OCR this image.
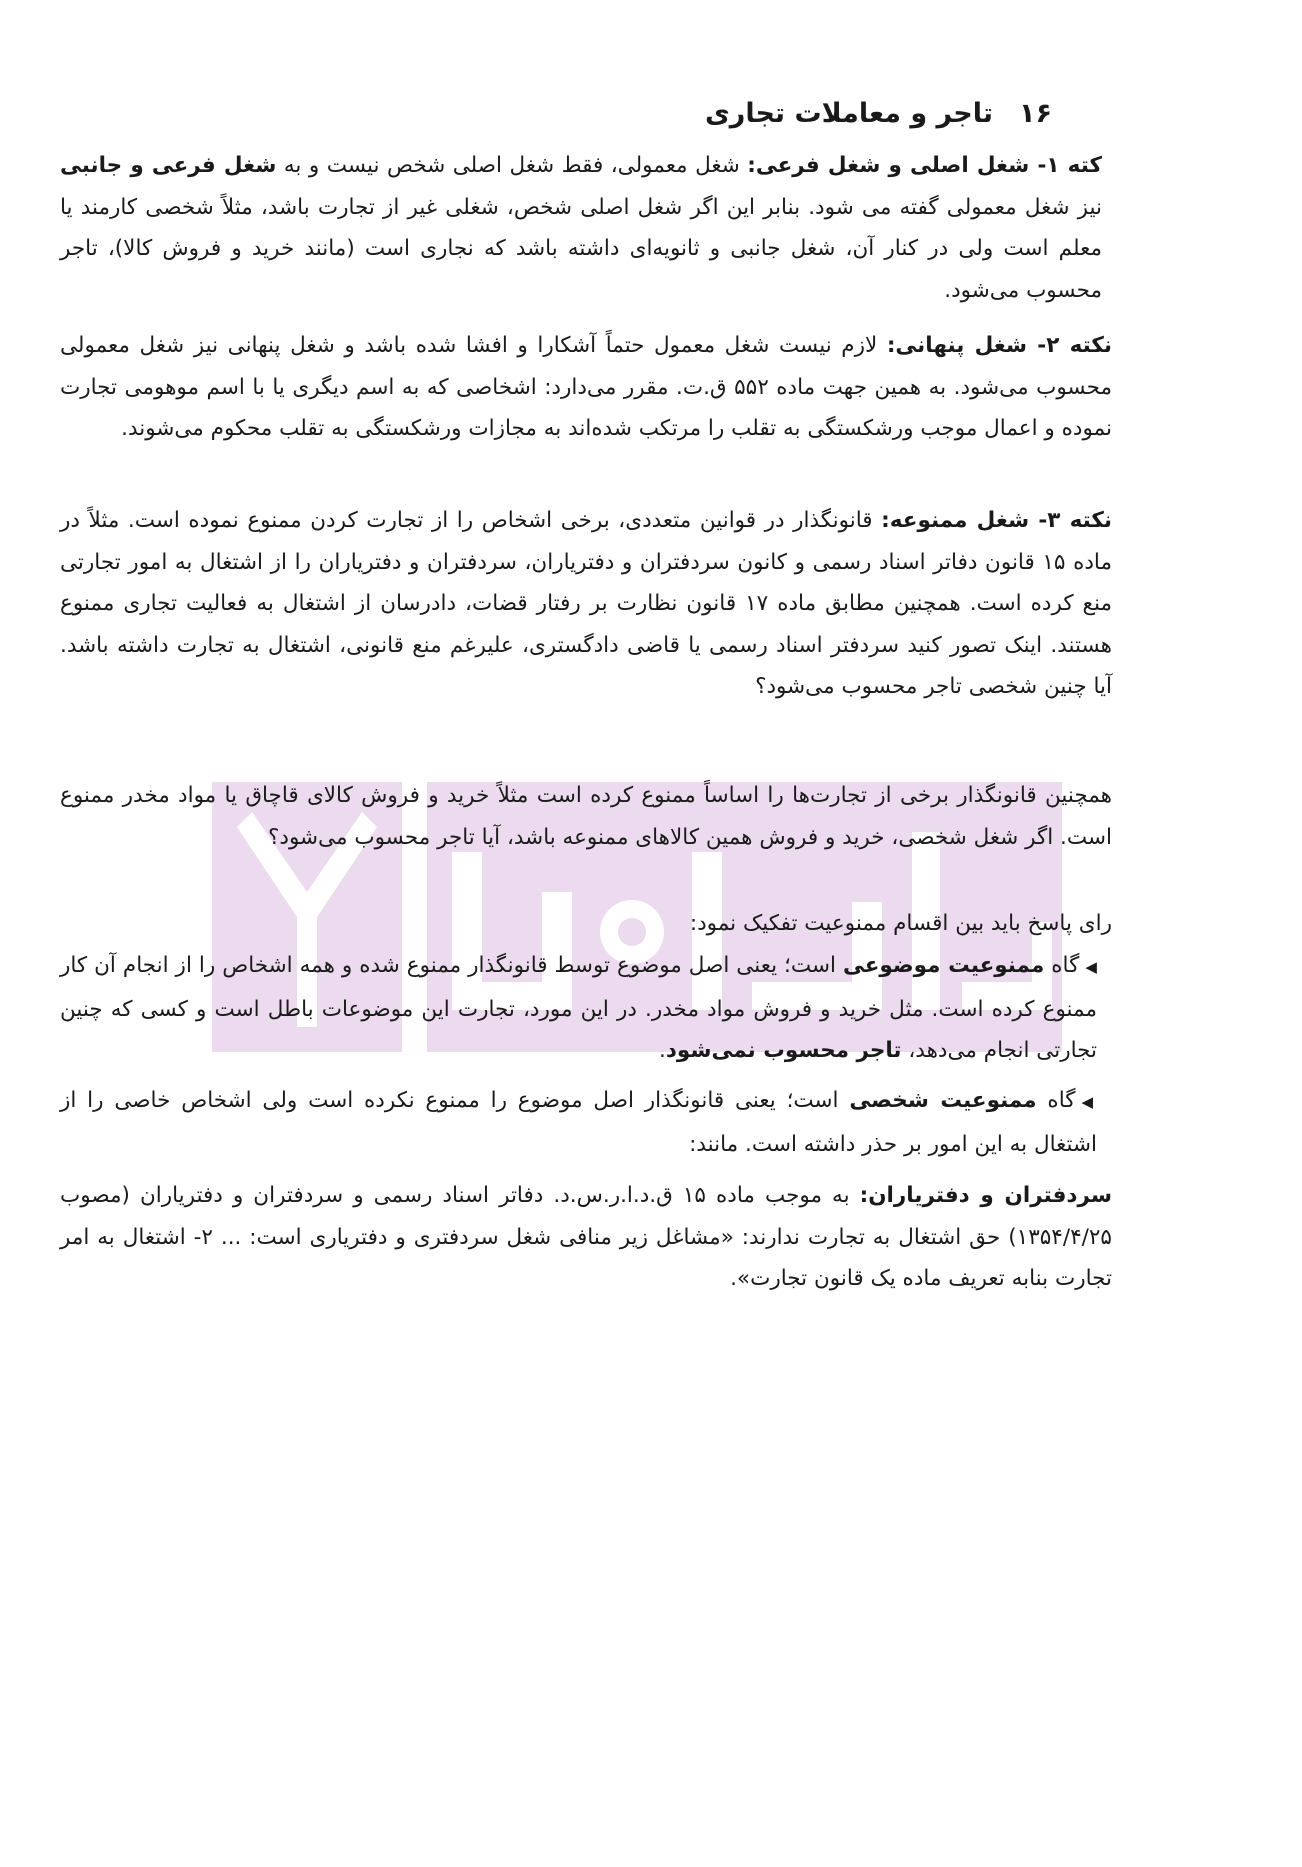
۱۶تاجر و معاملات تجاری
کته ۱- شغل اصلی و شغل فرعی: شغل معمولی، فقط شغل اصلی شخص نیست و به شغل فرعی و جانبی نیز شغل معمولی گفته می شود. بنابر این اگر شغل اصلی شخص، شغلی غیر از تجارت باشد، مثلاً شخصی کارمند یا معلم است ولی در کنار آن، شغل جانبی و ثانویه‌ای داشته باشد که نجاری است (مانند خرید و فروش کالا)، تاجر محسوب می‌شود.
نکته ۲- شغل پنهانی: لازم نیست شغل معمول حتماً آشکارا و افشا شده باشد و شغل پنهانی نیز شغل معمولی محسوب می‌شود. به همین جهت ماده ۵۵۲ ق.ت. مقرر می‌دارد: اشخاصی که به اسم دیگری یا با اسم موهومی تجارت نموده و اعمال موجب ورشکستگی به تقلب را مرتکب شده‌اند به مجازات ورشکستگی به تقلب محکوم می‌شوند.
نکته ۳- شغل ممنوعه: قانونگذار در قوانین متعددی، برخی اشخاص را از تجارت کردن ممنوع نموده است. مثلاً در ماده ۱۵ قانون دفاتر اسناد رسمی و کانون سردفتران و دفتریاران، سردفتران و دفتریاران را از اشتغال به امور تجارتی منع کرده است. همچنین مطابق ماده ۱۷ قانون نظارت بر رفتار قضات، دادرسان از اشتغال به فعالیت تجاری ممنوع هستند. اینک تصور کنید سردفتر اسناد رسمی یا قاضی دادگستری، علیرغم منع قانونی، اشتغال به تجارت داشته باشد. آیا چنین شخصی تاجر محسوب می‌شود؟
همچنین قانونگذار برخی از تجارت‌ها را اساساً ممنوع کرده است مثلاً خرید و فروش کالای قاچاق یا مواد مخدر ممنوع است. اگر شغل شخصی، خرید و فروش همین کالاهای ممنوعه باشد، آیا تاجر محسوب می‌شود؟
رای پاسخ باید بین اقسام ممنوعیت تفکیک نمود:
◀گاه ممنوعیت موضوعی است؛ یعنی اصل موضوع توسط قانونگذار ممنوع شده و همه اشخاص را از انجام آن کار ممنوع کرده است. مثل خرید و فروش مواد مخدر. در این مورد، تجارت این موضوعات باطل است و کسی که چنین تجارتی انجام می‌دهد، تاجر محسوب نمی‌شود.
◀گاه ممنوعیت شخصی است؛ یعنی قانونگذار اصل موضوع را ممنوع نکرده است ولی اشخاص خاصی را از اشتغال به این امور بر حذر داشته است. مانند:
سردفتران و دفتریاران: به موجب ماده ۱۵ ق.د.ا.ر.س.د. دفاتر اسناد رسمی و سردفتران و دفتریاران (مصوب ۱۳۵۴/۴/۲۵) حق اشتغال به تجارت ندارند: «مشاغل زیر منافی شغل سردفتری و دفتریاری است: ... ۲- اشتغال به امر تجارت بنابه تعریف ماده یک قانون تجارت».
